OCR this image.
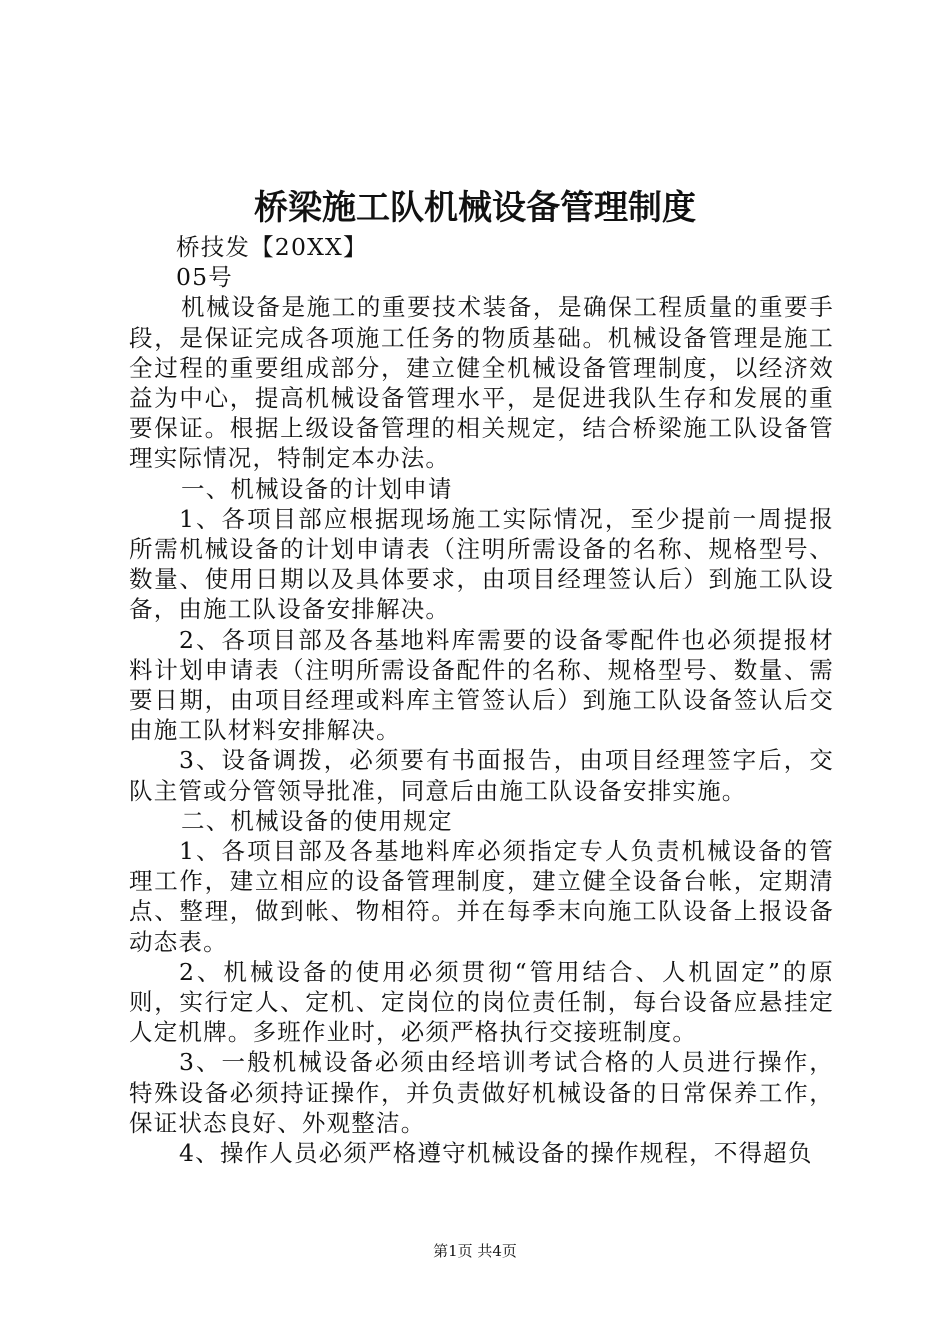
桥梁施工队机械设备管理制度

桥技发【20XX】

05号

机械设备是施工的重要技术装备，是确保工程质量的重要手段，是保证完成各项施工任务的物质基础。机械设备管理是施工全过程的重要组成部分，建立健全机械设备管理制度，以经济效益为中心，提高机械设备管理水平，是促进我队生存和发展的重要保证。根据上级设备管理的相关规定，结合桥梁施工队设备管理实际情况，特制定本办法。

一、机械设备的计划申请

1、各项目部应根据现场施工实际情况，至少提前一周提报所需机械设备的计划申请表（注明所需设备的名称、规格型号、数量、使用日期以及具体要求，由项目经理签认后）到施工队设备，由施工队设备安排解决。

2、各项目部及各基地料库需要的设备零配件也必须提报材料计划申请表（注明所需设备配件的名称、规格型号、数量、需要日期，由项目经理或料库主管签认后）到施工队设备签认后交由施工队材料安排解决。

3、设备调拨，必须要有书面报告，由项目经理签字后，交队主管或分管领导批准，同意后由施工队设备安排实施。

二、机械设备的使用规定

1、各项目部及各基地料库必须指定专人负责机械设备的管理工作，建立相应的设备管理制度，建立健全设备台帐，定期清点、整理，做到帐、物相符。并在每季末向施工队设备上报设备动态表。

2、机械设备的使用必须贯彻“管用结合、人机固定”的原则，实行定人、定机、定岗位的岗位责任制，每台设备应悬挂定人定机牌。多班作业时，必须严格执行交接班制度。

3、一般机械设备必须由经培训考试合格的人员进行操作，特殊设备必须持证操作，并负责做好机械设备的日常保养工作，保证状态良好、外观整洁。

4、操作人员必须严格遵守机械设备的操作规程，不得超负

第1页 共4页
